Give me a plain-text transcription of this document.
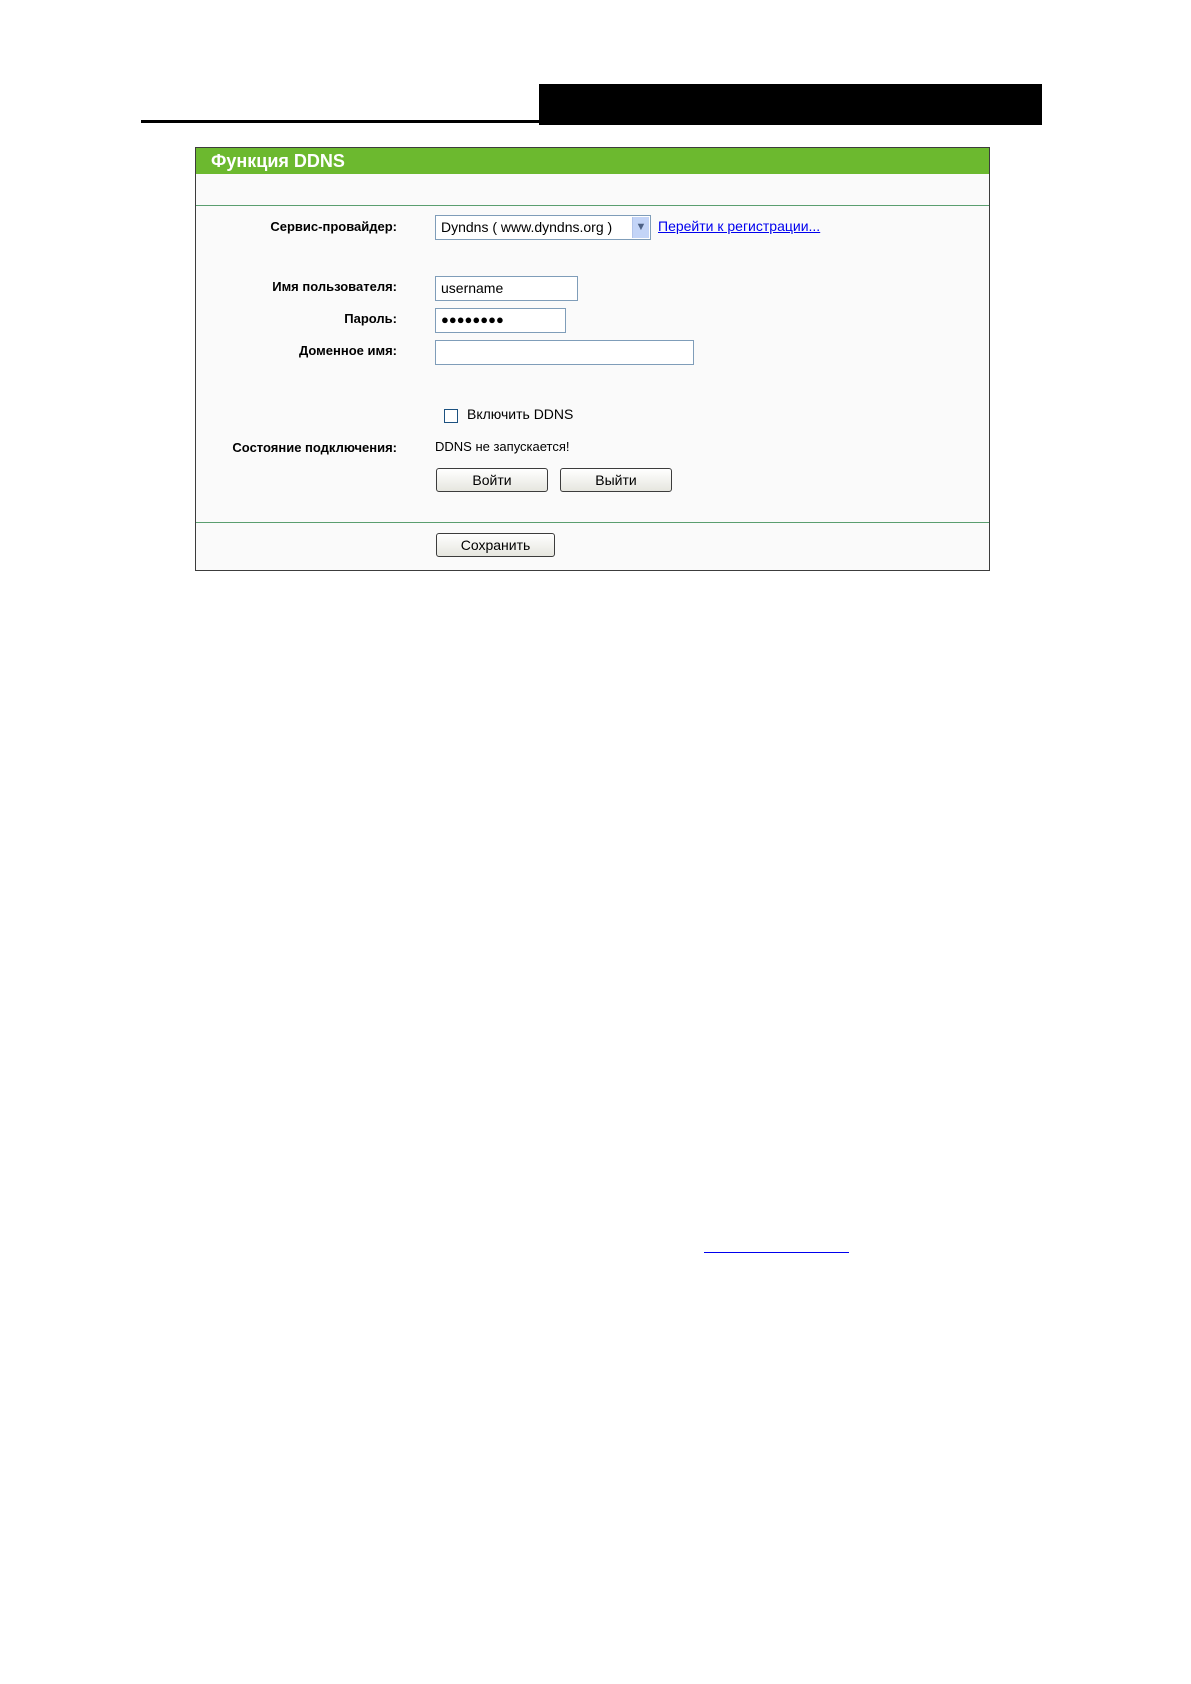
Функция DDNS
Сервис-провайдер:	Dyndns ( www.dyndns.org )	▼ Перейти к регистрации...
Имя пользователя:	username
Пароль:	●●●●●●●●
Доменное имя:
Включить DDNS
Состояние подключения:	DDNS не запускается!
Войти	Выйти
Сохранить
